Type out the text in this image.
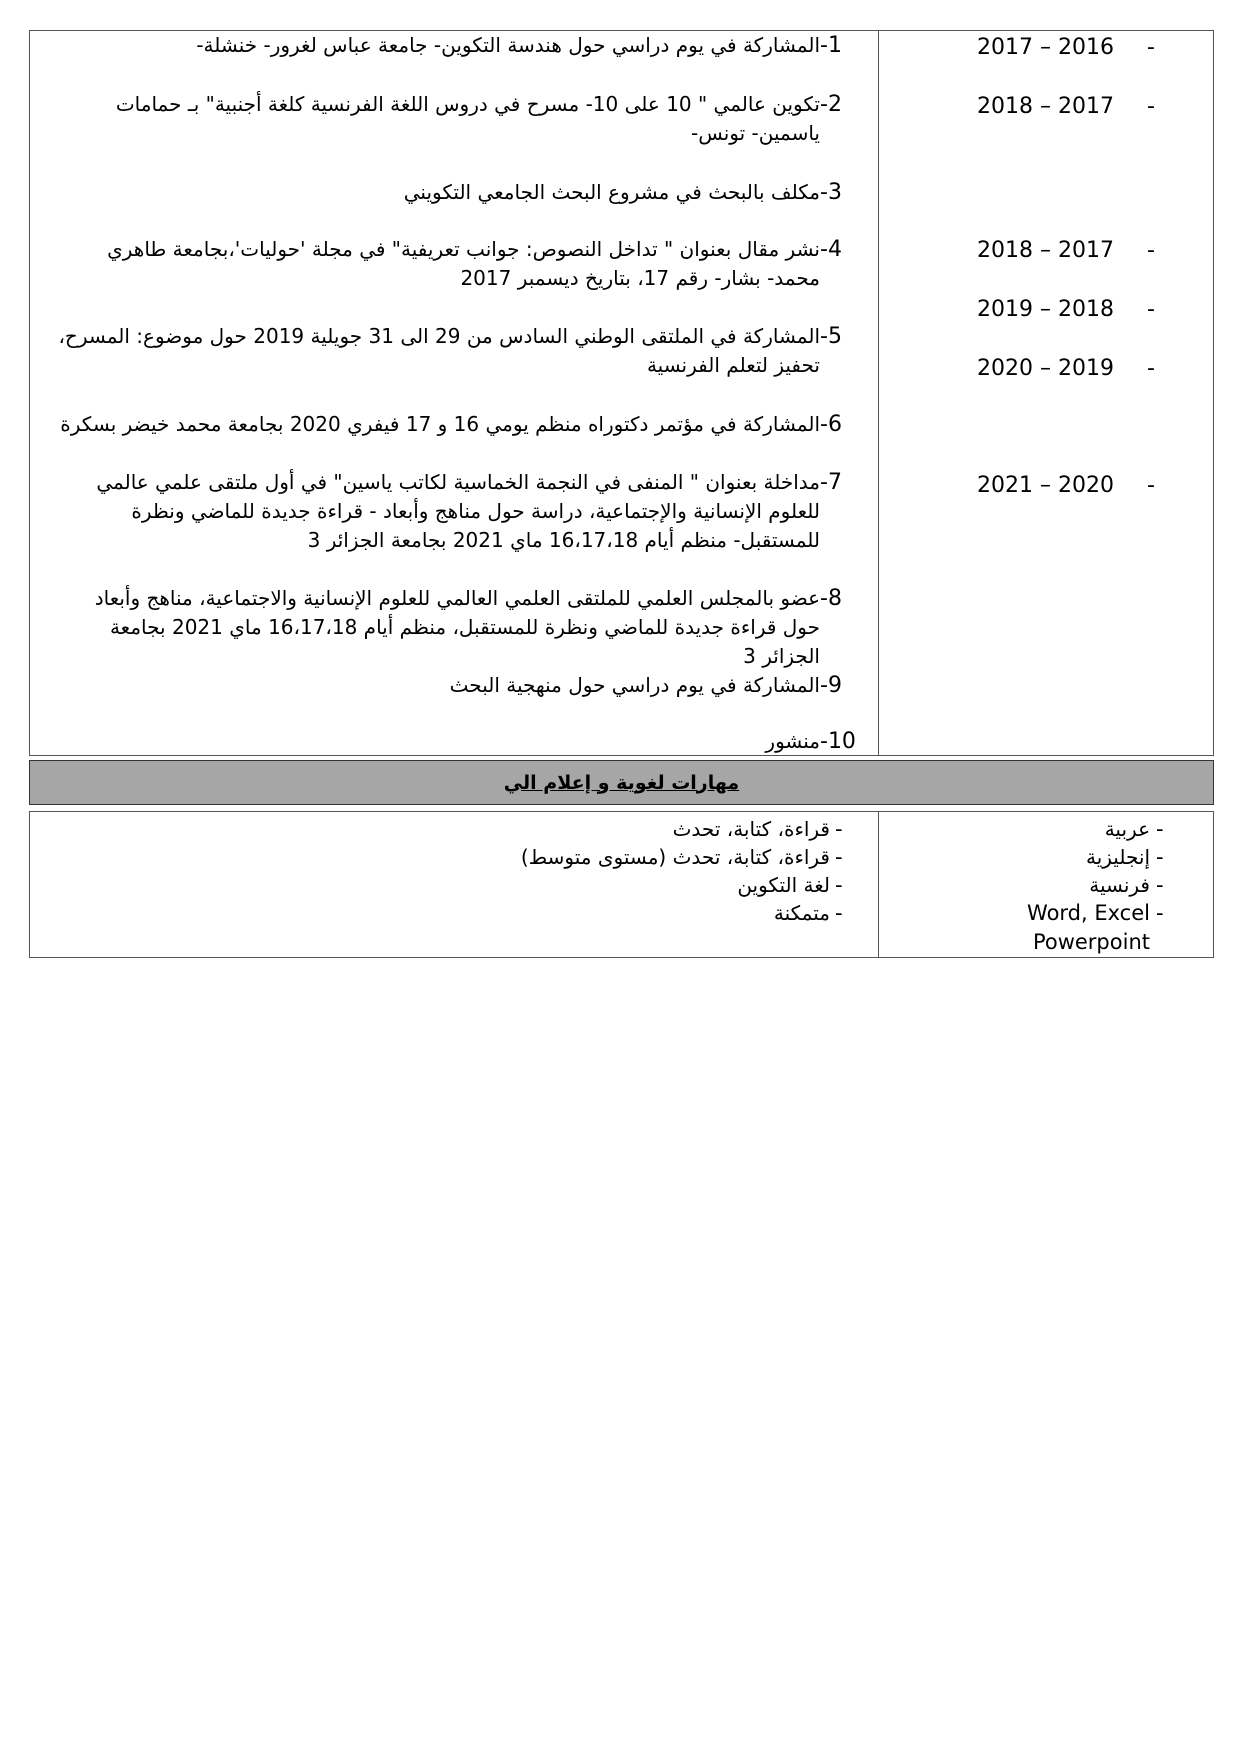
-1
المشاركة في يوم دراسي حول هندسة التكوين- جامعة عباس لغرور- خنشلة-
-2
تكوين عالمي " 10 على 10- مسرح في دروس اللغة الفرنسية كلغة أجنبية" بـ حمامات ياسمين- تونس-
-3
مكلف بالبحث في مشروع البحث الجامعي التكويني
-4
نشر مقال بعنوان " تداخل النصوص: جوانب تعريفية" في مجلة 'حوليات'،بجامعة طاهري محمد- بشار- رقم 17، بتاريخ ديسمبر 2017
-5
المشاركة في الملتقى الوطني السادس من 29 الى 31 جويلية 2019 حول موضوع: المسرح، تحفيز لتعلم الفرنسية
-6
المشاركة في مؤتمر دكتوراه منظم يومي 16 و 17 فيفري 2020 بجامعة محمد خيضر بسكرة
-7
مداخلة بعنوان " المنفى في النجمة الخماسية لكاتب ياسين" في أول ملتقى علمي عالمي للعلوم الإنسانية والإجتماعية، دراسة حول مناهج وأبعاد - قراءة جديدة للماضي ونظرة للمستقبل- منظم أيام 16،17،18 ماي 2021 بجامعة الجزائر 3
-8
عضو بالمجلس العلمي للملتقى العلمي العالمي للعلوم الإنسانية والاجتماعية، مناهج وأبعاد حول قراءة جديدة للماضي ونظرة للمستقبل، منظم أيام 16،17،18 ماي 2021 بجامعة الجزائر 3
-9
المشاركة في يوم دراسي حول منهجية البحث
-10
منشور
2017 – 2016 -
2018 – 2017 -
2018 – 2017 -
2019 – 2018 -
2020 – 2019 -
2021 – 2020 -
مهارات لغوية و إعلام الي
عربية -
قراءة، كتابة، تحدث -
إنجليزية -
قراءة، كتابة، تحدث (مستوى متوسط) -
فرنسية -
لغة التكوين -
Word, Excel -
متمكنة -
Powerpoint
